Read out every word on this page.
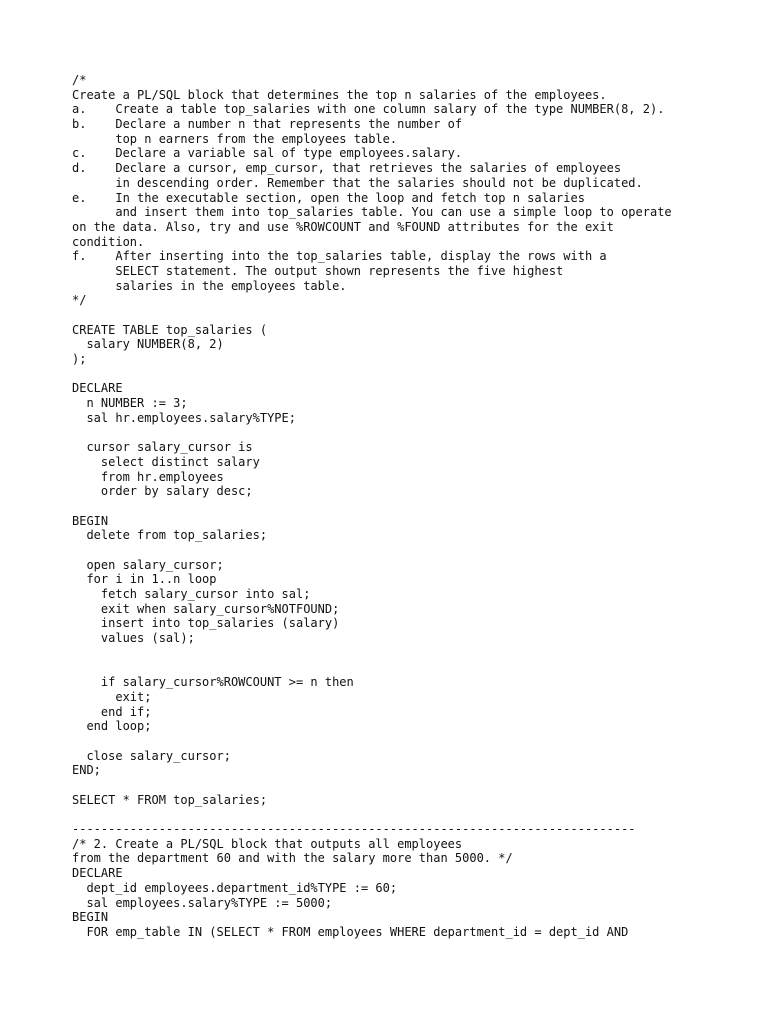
/*
Create a PL/SQL block that determines the top n salaries of the employees.
a.    Create a table top_salaries with one column salary of the type NUMBER(8, 2).
b.    Declare a number n that represents the number of
top n earners from the employees table.
c.    Declare a variable sal of type employees.salary.
d.    Declare a cursor, emp_cursor, that retrieves the salaries of employees
in descending order. Remember that the salaries should not be duplicated.
e.    In the executable section, open the loop and fetch top n salaries
and insert them into top_salaries table. You can use a simple loop to operate
on the data. Also, try and use %ROWCOUNT and %FOUND attributes for the exit
condition.
f.    After inserting into the top_salaries table, display the rows with a
SELECT statement. The output shown represents the five highest
salaries in the employees table.
*/
CREATE TABLE top_salaries (
salary NUMBER(8, 2)
);
DECLARE
n NUMBER := 3;
sal hr.employees.salary%TYPE;
cursor salary_cursor is
select distinct salary
from hr.employees
order by salary desc;
BEGIN
delete from top_salaries;
open salary_cursor;
for i in 1..n loop
fetch salary_cursor into sal;
exit when salary_cursor%NOTFOUND;
insert into top_salaries (salary)
values (sal);
if salary_cursor%ROWCOUNT >= n then
exit;
end if;
end loop;
close salary_cursor;
END;
SELECT * FROM top_salaries;
------------------------------------------------------------------------------
/* 2. Create a PL/SQL block that outputs all employees
from the department 60 and with the salary more than 5000. */
DECLARE
dept_id employees.department_id%TYPE := 60;
sal employees.salary%TYPE := 5000;
BEGIN
FOR emp_table IN (SELECT * FROM employees WHERE department_id = dept_id AND
